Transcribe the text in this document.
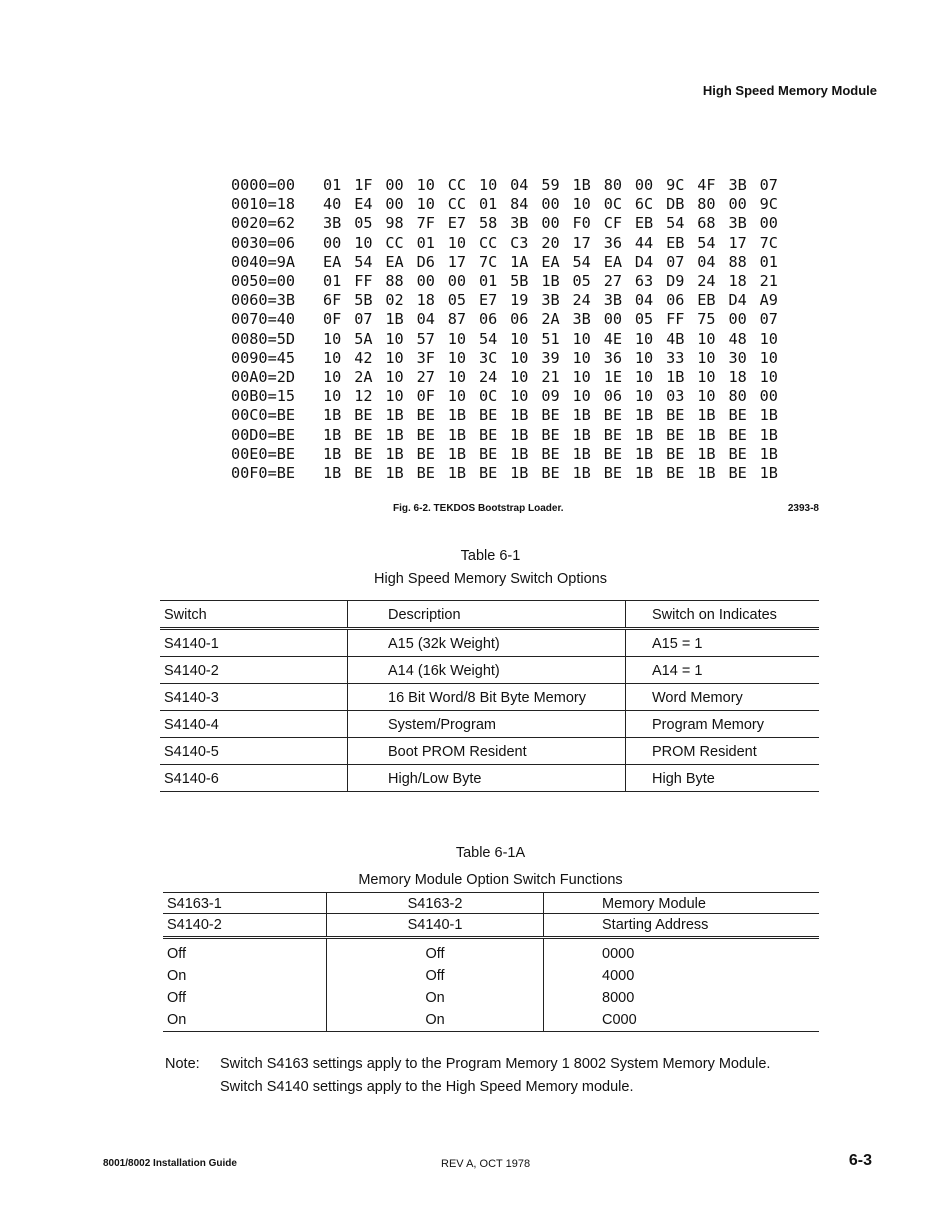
High Speed Memory Module
0000=00	01 1F 00 10 CC 10 04 59 1B 80 00 9C 4F 3B 07
0010=18	40 E4 00 10 CC 01 84 00 10 0C 6C DB 80 00 9C
0020=62	3B 05 98 7F E7 58 3B 00 F0 CF EB 54 68 3B 00
0030=06	00 10 CC 01 10 CC C3 20 17 36 44 EB 54 17 7C
0040=9A	EA 54 EA D6 17 7C 1A EA 54 EA D4 07 04 88 01
0050=00	01 FF 88 00 00 01 5B 1B 05 27 63 D9 24 18 21
0060=3B	6F 5B 02 18 05 E7 19 3B 24 3B 04 06 EB D4 A9
0070=40	0F 07 1B 04 87 06 06 2A 3B 00 05 FF 75 00 07
0080=5D	10 5A 10 57 10 54 10 51 10 4E 10 4B 10 48 10
0090=45	10 42 10 3F 10 3C 10 39 10 36 10 33 10 30 10
00A0=2D	10 2A 10 27 10 24 10 21 10 1E 10 1B 10 18 10
00B0=15	10 12 10 0F 10 0C 10 09 10 06 10 03 10 80 00
00C0=BE	1B BE 1B BE 1B BE 1B BE 1B BE 1B BE 1B BE 1B
00D0=BE	1B BE 1B BE 1B BE 1B BE 1B BE 1B BE 1B BE 1B
00E0=BE	1B BE 1B BE 1B BE 1B BE 1B BE 1B BE 1B BE 1B
00F0=BE	1B BE 1B BE 1B BE 1B BE 1B BE 1B BE 1B BE 1B
Fig. 6-2. TEKDOS Bootstrap Loader.	2393-8
Table 6-1
High Speed Memory Switch Options
Switch	Description	Switch on Indicates
S4140-1	A15 (32k Weight)	A15 = 1
S4140-2	A14 (16k Weight)	A14 = 1
S4140-3	16 Bit Word/8 Bit Byte Memory	Word Memory
S4140-4	System/Program	Program Memory
S4140-5	Boot PROM Resident	PROM Resident
S4140-6	High/Low Byte	High Byte
Table 6-1A
Memory Module Option Switch Functions
S4163-1	S4163-2	Memory Module
S4140-2	S4140-1	Starting Address
Off	Off	0000
On	Off	4000
Off	On	8000
On	On	C000
Note: Switch S4163 settings apply to the Program Memory 1 8002 System Memory Module. Switch S4140 settings apply to the High Speed Memory module.
8001/8002 Installation Guide	REV A, OCT 1978	6-3
